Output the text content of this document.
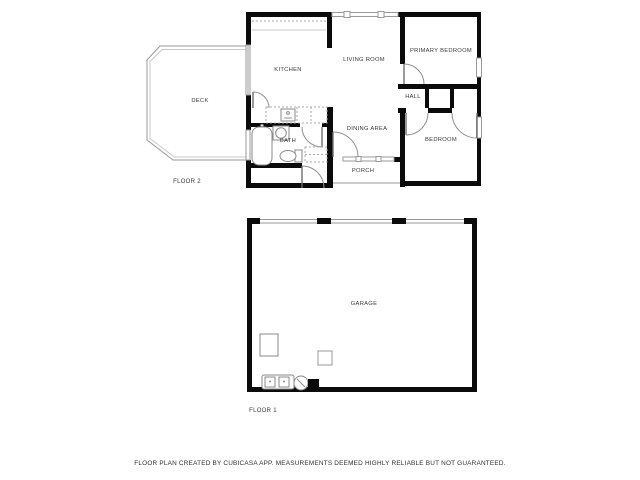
DECK
KITCHEN
LIVING ROOM
PRIMARY BEDROOM
HALL
BEDROOM
DINING AREA
BATH
PORCH
GARAGE
FLOOR 2
FLOOR 1
FLOOR PLAN CREATED BY CUBICASA APP. MEASUREMENTS DEEMED HIGHLY RELIABLE BUT NOT GUARANTEED.
